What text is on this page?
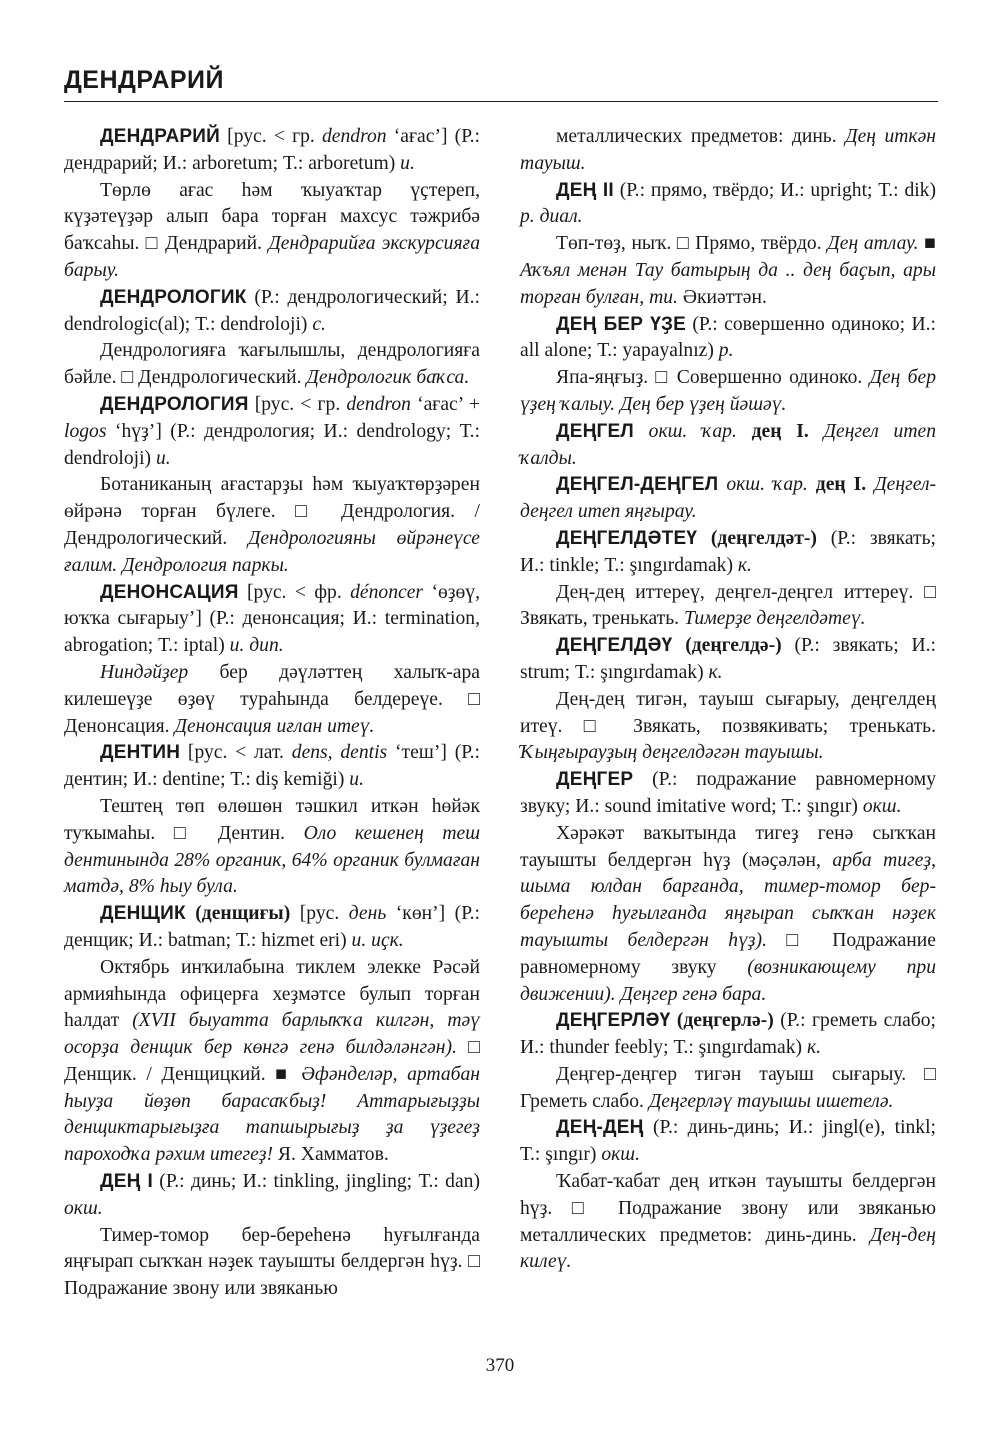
ДЕНДРАРИЙ

ДЕНДРАРИЙ [рус. < гр. dendron ‘ағас’] (Р.: дендрарий; И.: arboretum; Т.: arboretum) и.

Төрлө ағас һәм ҡыуаҡтар үҫтереп, күҙәтеүҙәр алып бара торған махсус тәжрибә баҡсаһы. □ Дендрарий. Дендрарийға экскурсияға барыу.

ДЕНДРОЛОГИК (Р.: дендрологический; И.: dendrologic(al); Т.: dendroloji) с.

Дендрологияға ҡағылышлы, дендрологияға бәйле. □ Дендрологический. Дендрологик баҡса.

ДЕНДРОЛОГИЯ [рус. < гр. dendron ‘ағас’ + logos ‘һүҙ’] (Р.: дендрология; И.: dendrology; Т.: dendroloji) и.

Ботаниканың ағастарҙы һәм ҡыуаҡтөрҙәрен өйрәнә торған бүлеге. □ Дендрология. / Дендрологический. Дендрологияны өйрәнеүсе ғалим. Дендрология паркы.

ДЕНОНСАЦИЯ [рус. < фр. dénoncer ‘өҙөү, юҡҡа сығарыу’] (Р.: денонсация; И.: termination, abrogation; Т.: iptal) и. дип.

Ниндәйҙер бер дәүләттең халыҡ-ара килешеүҙе өҙөү тураһында белдереүе. □ Денонсация. Денонсация иғлан итеү.

ДЕНТИН [рус. < лат. dens, dentis ‘теш’] (Р.: дентин; И.: dentine; Т.: diş kemiği) и.

Тештең төп өлөшөн тәшкил иткән һөйәк туҡымаһы. □ Дентин. Оло кешенең теш дентинында 28% органик, 64% органик булмаған матдә, 8% һыу була.

ДЕНЩИК (денщиғы) [рус. день ‘көн’] (Р.: денщик; И.: batman; Т.: hizmet eri) и. иҫк.

Октябрь инҡилабына тиклем элекке Рәсәй армияһында офицерға хеҙмәтсе булып торған һалдат (XVII быуатта барлыҡҡа килгән, тәү осорҙа денщик бер көнгә генә билдәләнгән). □ Денщик. / Денщицкий. ■ Әфәнделәр, артабан һыуҙа йөҙөп барасаҡбыҙ! Аттарығыҙҙы денщиктарығыҙға тапшырығыҙ ҙа үҙегеҙ пароходҡа рәхим итегеҙ! Я. Хамматов.

ДЕҢ I (Р.: динь; И.: tinkling, jingling; Т.: dan) окш.

Тимер-томор бер-береһенә һуғылғанда яңғырап сыҡҡан нәҙек тауышты белдергән һүҙ. □ Подражание звону или звяканью

металлических предметов: динь. Дең иткән тауыш.

ДЕҢ II (Р.: прямо, твёрдо; И.: upright; Т.: dik) р. диал.

Төп-төҙ, ныҡ. □ Прямо, твёрдо. Дең атлау. ■ Аҡъял менән Тау батырың да .. дең баҫып, ары торған булған, ти. Әкиәттән.

ДЕҢ БЕР ҮҘЕ (Р.: совершенно одиноко; И.: all alone; Т.: yapayalnız) р.

Япа-яңғыҙ. □ Совершенно одиноко. Дең бер үҙең ҡалыу. Дең бер үҙең йәшәү.

ДЕҢГЕЛ окш. ҡар. дең I. Деңгел итеп ҡалды.

ДЕҢГЕЛ-ДЕҢГЕЛ окш. ҡар. дең I. Деңгел-деңгел итеп яңғырау.

ДЕҢГЕЛДӘТЕҮ (деңгелдәт-) (Р.: звякать; И.: tinkle; Т.: şıngırdamak) к.

Дең-дең иттереү, деңгел-деңгел иттереү. □ Звякать, тренькать. Тимерҙе деңгелдәтеү.

ДЕҢГЕЛДӘҮ (деңгелдә-) (Р.: звякать; И.: strum; Т.: şıngırdamak) к.

Дең-дең тигән, тауыш сығарыу, деңгелдең итеү. □ Звякать, позвякивать; тренькать. Ҡыңғырауҙың деңгелдәгән тауышы.

ДЕҢГЕР (Р.: подражание равномерному звуку; И.: sound imitative word; Т.: şıngır) окш.

Хәрәкәт ваҡытында тигеҙ генә сыҡҡан тауышты белдергән һүҙ (мәҫәлән, арба тигеҙ, шыма юлдан барғанда, тимер-томор бер-береһенә һуғылғанда яңғырап сыҡҡан нәҙек тауышты белдергән һүҙ). □ Подражание равномерному звуку (возникающему при движении). Деңгер генә бара.

ДЕҢГЕРЛӘҮ (деңгерлә-) (Р.: греметь слабо; И.: thunder feebly; Т.: şıngırdamak) к.

Деңгер-деңгер тигән тауыш сығарыу. □ Греметь слабо. Деңгерләү тауышы ишетелә.

ДЕҢ-ДЕҢ (Р.: динь-динь; И.: jingl(e), tinkl; Т.: şıngır) окш.

Ҡабат-ҡабат дең иткән тауышты белдергән һүҙ. □ Подражание звону или звяканью металлических предметов: динь-динь. Дең-дең килеү.

370
